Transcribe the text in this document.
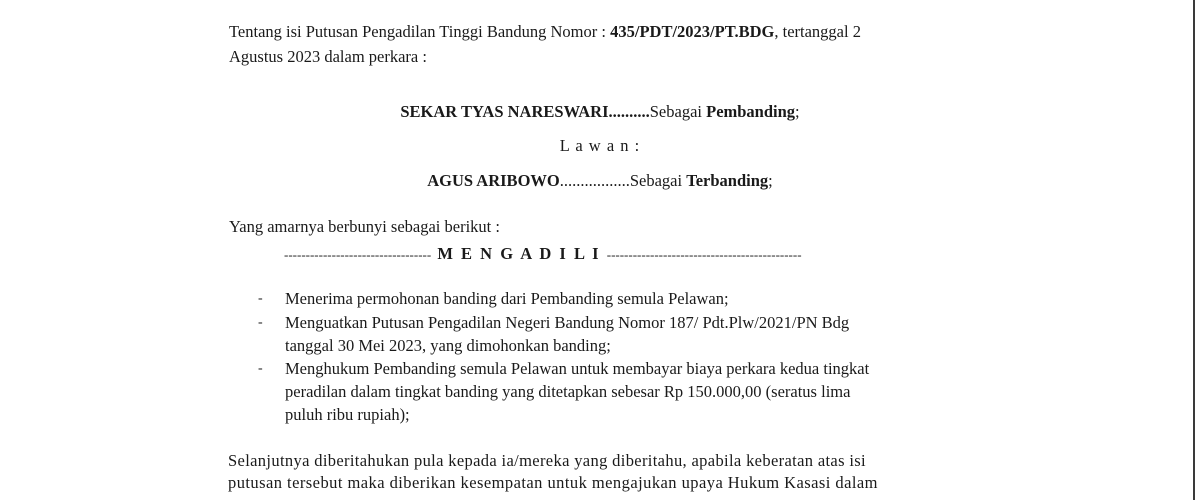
Tentang isi Putusan Pengadilan Tinggi Bandung Nomor : 435/PDT/2023/PT.BDG, tertanggal 2
Agustus 2023 dalam perkara :
SEKAR TYAS NARESWARI..........Sebagai Pembanding;
L a w a n :
AGUS ARIBOWO.................Sebagai Terbanding;
Yang amarnya berbunyi sebagai berikut :
---------------------------------- M E N G A D I L I ---------------------------------------------
- Menerima permohonan banding dari Pembanding semula Pelawan;
- Menguatkan Putusan Pengadilan Negeri Bandung Nomor 187/ Pdt.Plw/2021/PN Bdg
tanggal 30 Mei 2023, yang dimohonkan banding;
- Menghukum Pembanding semula Pelawan untuk membayar biaya perkara kedua tingkat
peradilan dalam tingkat banding yang ditetapkan sebesar Rp 150.000,00 (seratus lima
puluh ribu rupiah);
Selanjutnya diberitahukan pula kepada ia/mereka yang diberitahu, apabila keberatan atas isi
putusan tersebut maka diberikan kesempatan untuk mengajukan upaya Hukum Kasasi dalam
